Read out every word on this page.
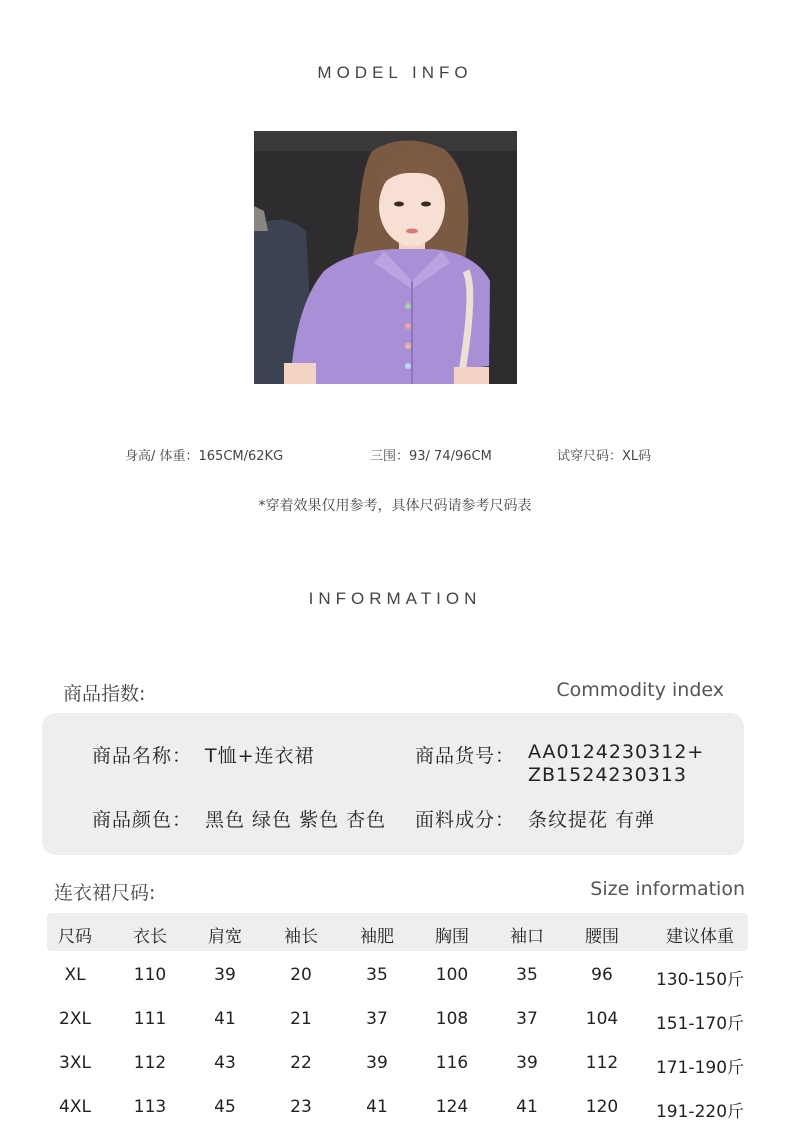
MODEL INFO
身高/ 体重：165CM/62KG	三围：93/ 74/96CM	试穿尺码：XL码
*穿着效果仅用参考，具体尺码请参考尺码表
INFORMATION
商品指数:	Commodity index
商品名称： T恤+连衣裙	商品货号： AA0124230312+
ZB1524230313
商品颜色： 黑色 绿色 紫色 杏色 面料成分： 条纹提花 有弹
连衣裙尺码:	Size information
尺码	衣长	肩宽	袖长	袖肥	胸围	袖口	腰围	建议体重
XL	110	39	20	35	100	35	96	130-150斤
2XL	111	41	21	37	108	37	104	151-170斤
3XL	112	43	22	39	116	39	112	171-190斤
4XL	113	45	23	41	124	41	120	191-220斤
